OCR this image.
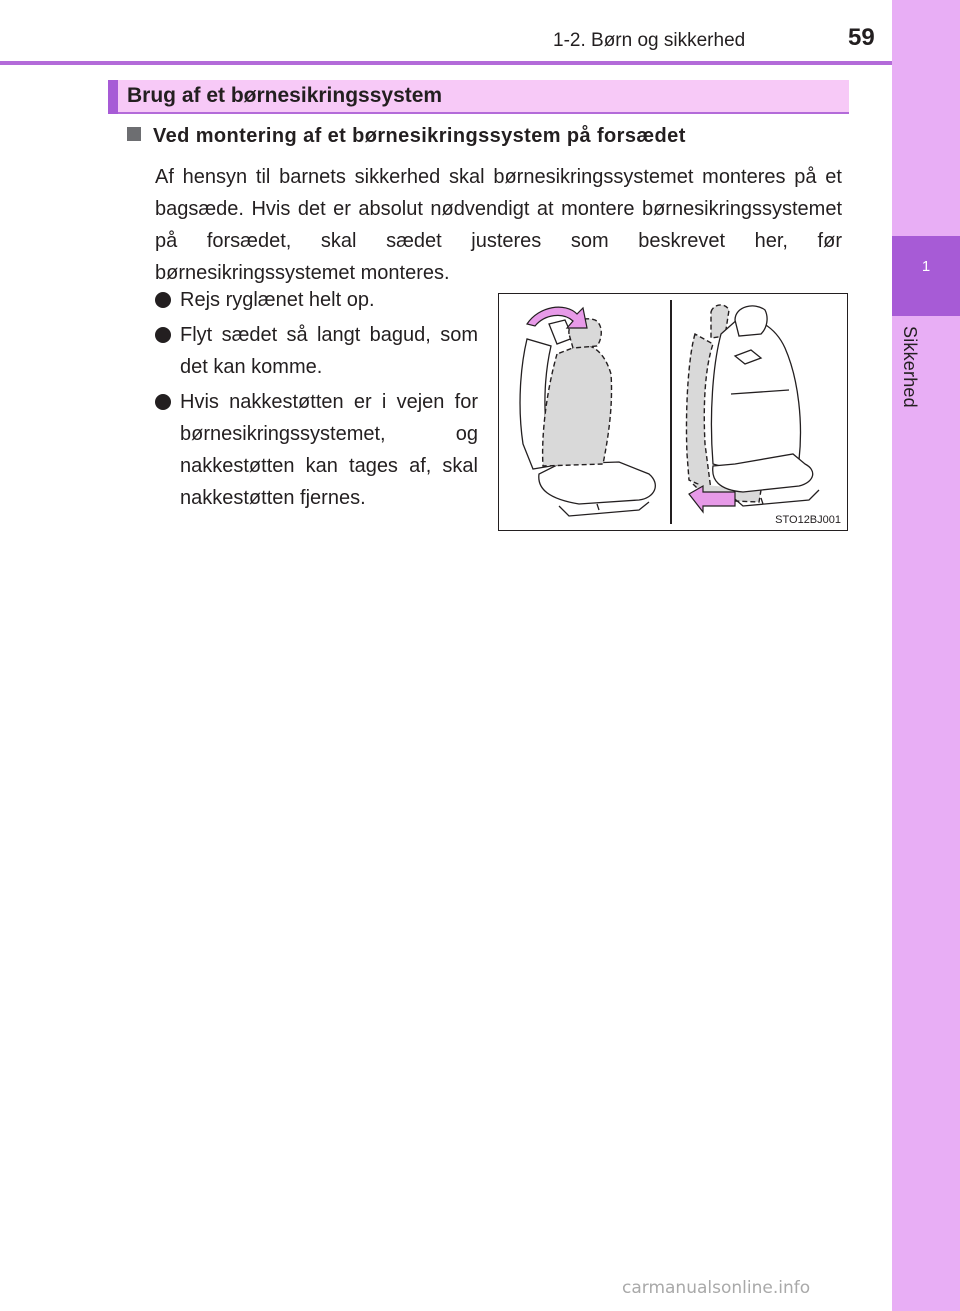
1
Sikkerhed
1-2. Børn og sikkerhed	59
Brug af et børnesikringssystem
Ved montering af et børnesikringssystem på forsædet
Af hensyn til barnets sikkerhed skal børnesikringssystemet monteres på et bagsæde. Hvis det er absolut nødvendigt at montere børnesikringssystemet på forsædet, skal sædet justeres som beskrevet her, før børnesikringssystemet monteres.
Rejs ryglænet helt op.
Flyt sædet så langt bagud, som det kan komme.
Hvis nakkestøtten er i vejen for børnesikringssystemet, og nakkestøtten kan tages af, skal nakkestøtten fjernes.
STO12BJ001
carmanualsonline.info
